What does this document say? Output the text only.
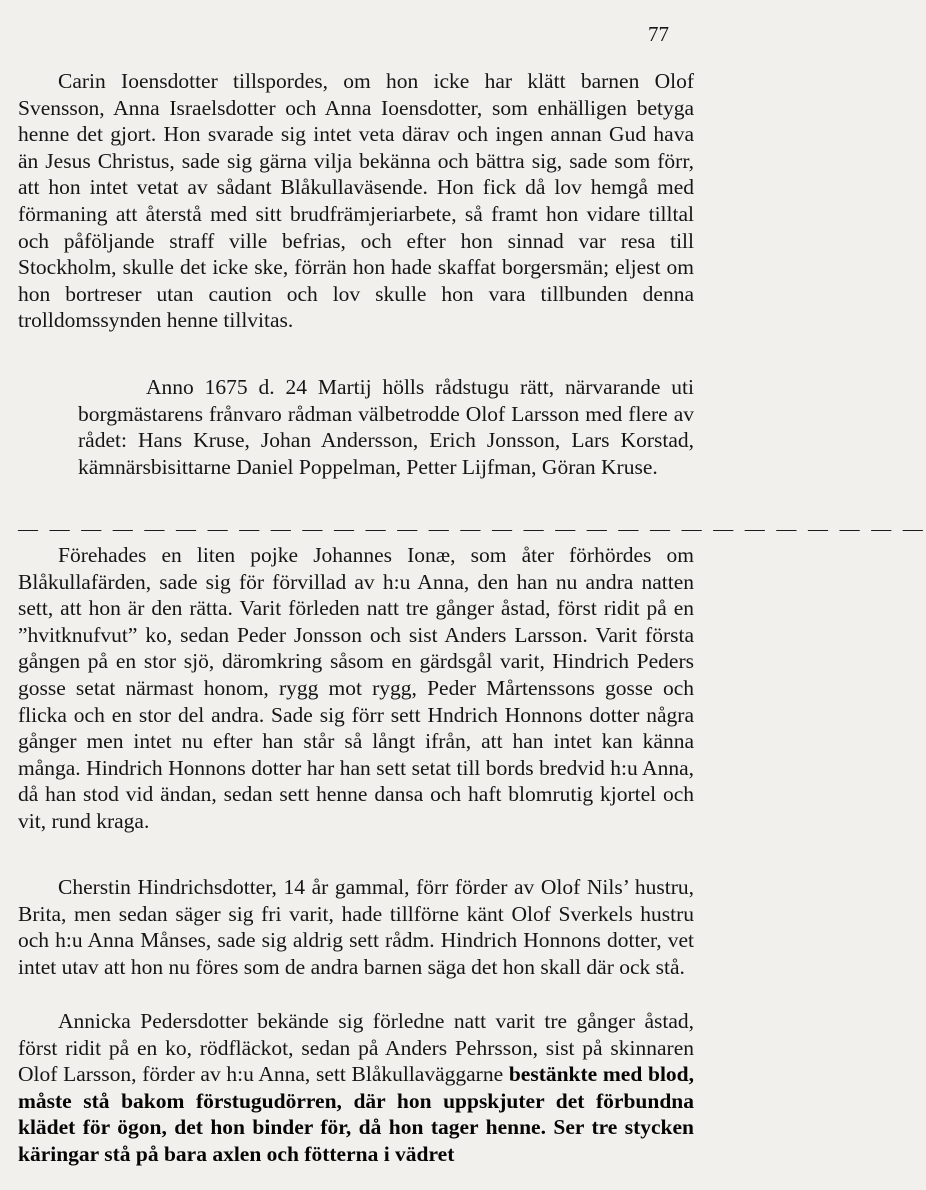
77

Carin Ioensdotter tillspordes, om hon icke har klätt barnen Olof Svensson, Anna Israelsdotter och Anna Ioensdotter, som enhälligen betyga henne det gjort. Hon svarade sig intet veta därav och ingen annan Gud hava än Jesus Christus, sade sig gärna vilja bekänna och bättra sig, sade som förr, att hon intet vetat av sådant Blåkullaväsende. Hon fick då lov hemgå med förmaning att återstå med sitt brudfrämjeriarbete, så framt hon vidare tilltal och påföljande straff ville befrias, och efter hon sinnad var resa till Stockholm, skulle det icke ske, förrän hon hade skaffat borgersmän; eljest om hon bortreser utan caution och lov skulle hon vara tillbunden denna trolldomssynden henne tillvitas.

Anno 1675 d. 24 Martij hölls rådstugu rätt, närvarande uti borgmästarens frånvaro rådman välbetrodde Olof Larsson med flere av rådet: Hans Kruse, Johan Andersson, Erich Jonsson, Lars Korstad, kämnärsbisittarne Daniel Poppelman, Petter Lijfman, Göran Kruse.

— — — — — — — — — — — — — — — — — — — — — — — — — — — — —

Förehades en liten pojke Johannes Ionæ, som åter förhördes om Blåkullafärden, sade sig för förvillad av h:u Anna, den han nu andra natten sett, att hon är den rätta. Varit förleden natt tre gånger åstad, först ridit på en ”hvitknufvut” ko, sedan Peder Jonsson och sist Anders Larsson. Varit första gången på en stor sjö, däromkring såsom en gärdsgål varit, Hindrich Peders gosse setat närmast honom, rygg mot rygg, Peder Mårtenssons gosse och flicka och en stor del andra. Sade sig förr sett Hndrich Honnons dotter några gånger men intet nu efter han står så långt ifrån, att han intet kan känna många. Hindrich Honnons dotter har han sett setat till bords bredvid h:u Anna, då han stod vid ändan, sedan sett henne dansa och haft blomrutig kjortel och vit, rund kraga.

Cherstin Hindrichsdotter, 14 år gammal, förr förder av Olof Nils’ hustru, Brita, men sedan säger sig fri varit, hade tillförne känt Olof Sverkels hustru och h:u Anna Månses, sade sig aldrig sett rådm. Hindrich Honnons dotter, vet intet utav att hon nu föres som de andra barnen säga det hon skall där ock stå.

Annicka Pedersdotter bekände sig förledne natt varit tre gånger åstad, först ridit på en ko, rödfläckot, sedan på Anders Pehrsson, sist på skinnaren Olof Larsson, förder av h:u Anna, sett Blåkullaväggarne bestänkte med blod, måste stå bakom förstugudörren, där hon uppskjuter det förbundna klädet för ögon, det hon binder för, då hon tager henne. Ser tre stycken käringar stå på bara axlen och fötterna i vädret
